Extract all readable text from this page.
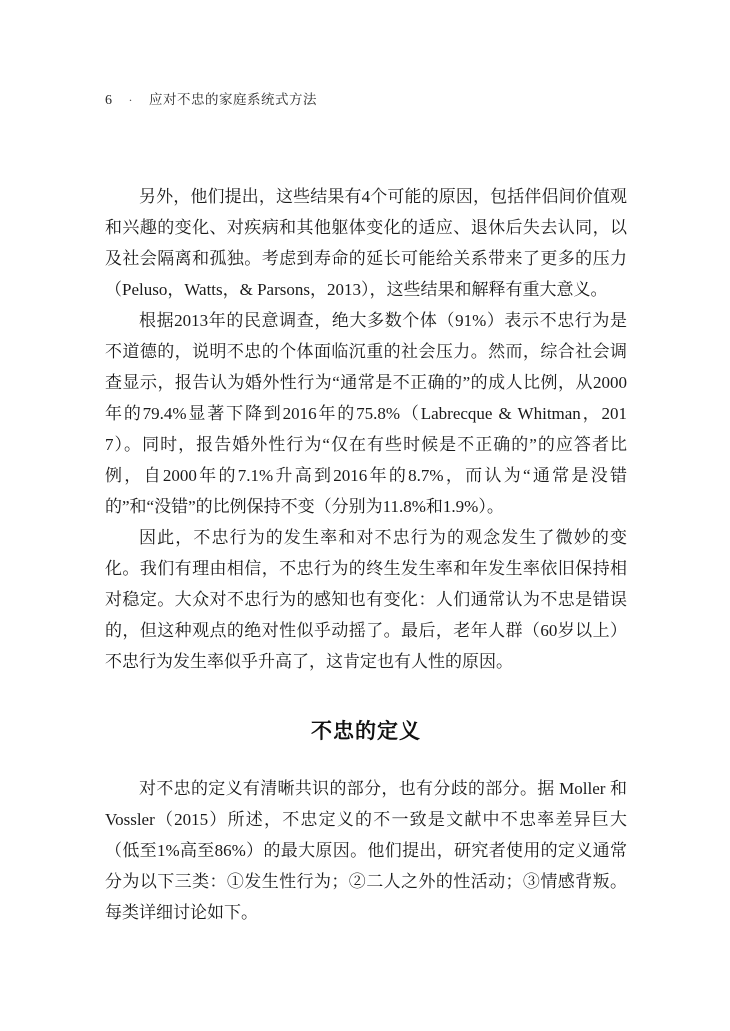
6 · 应对不忠的家庭系统式方法

另外，他们提出，这些结果有4个可能的原因，包括伴侣间价值观和兴趣的变化、对疾病和其他躯体变化的适应、退休后失去认同，以及社会隔离和孤独。考虑到寿命的延长可能给关系带来了更多的压力（Peluso，Watts，& Parsons，2013），这些结果和解释有重大意义。

根据2013年的民意调查，绝大多数个体（91%）表示不忠行为是不道德的，说明不忠的个体面临沉重的社会压力。然而，综合社会调查显示，报告认为婚外性行为“通常是不正确的”的成人比例，从2000年的79.4%显著下降到2016年的75.8%（Labrecque & Whitman，2017）。同时，报告婚外性行为“仅在有些时候是不正确的”的应答者比例，自2000年的7.1%升高到2016年的8.7%，而认为“通常是没错的”和“没错”的比例保持不变（分别为11.8%和1.9%）。

因此，不忠行为的发生率和对不忠行为的观念发生了微妙的变化。我们有理由相信，不忠行为的终生发生率和年发生率依旧保持相对稳定。大众对不忠行为的感知也有变化：人们通常认为不忠是错误的，但这种观点的绝对性似乎动摇了。最后，老年人群（60岁以上）不忠行为发生率似乎升高了，这肯定也有人性的原因。

不忠的定义

对不忠的定义有清晰共识的部分，也有分歧的部分。据 Moller 和 Vossler（2015）所述，不忠定义的不一致是文献中不忠率差异巨大（低至1%高至86%）的最大原因。他们提出，研究者使用的定义通常分为以下三类：①发生性行为；②二人之外的性活动；③情感背叛。每类详细讨论如下。
